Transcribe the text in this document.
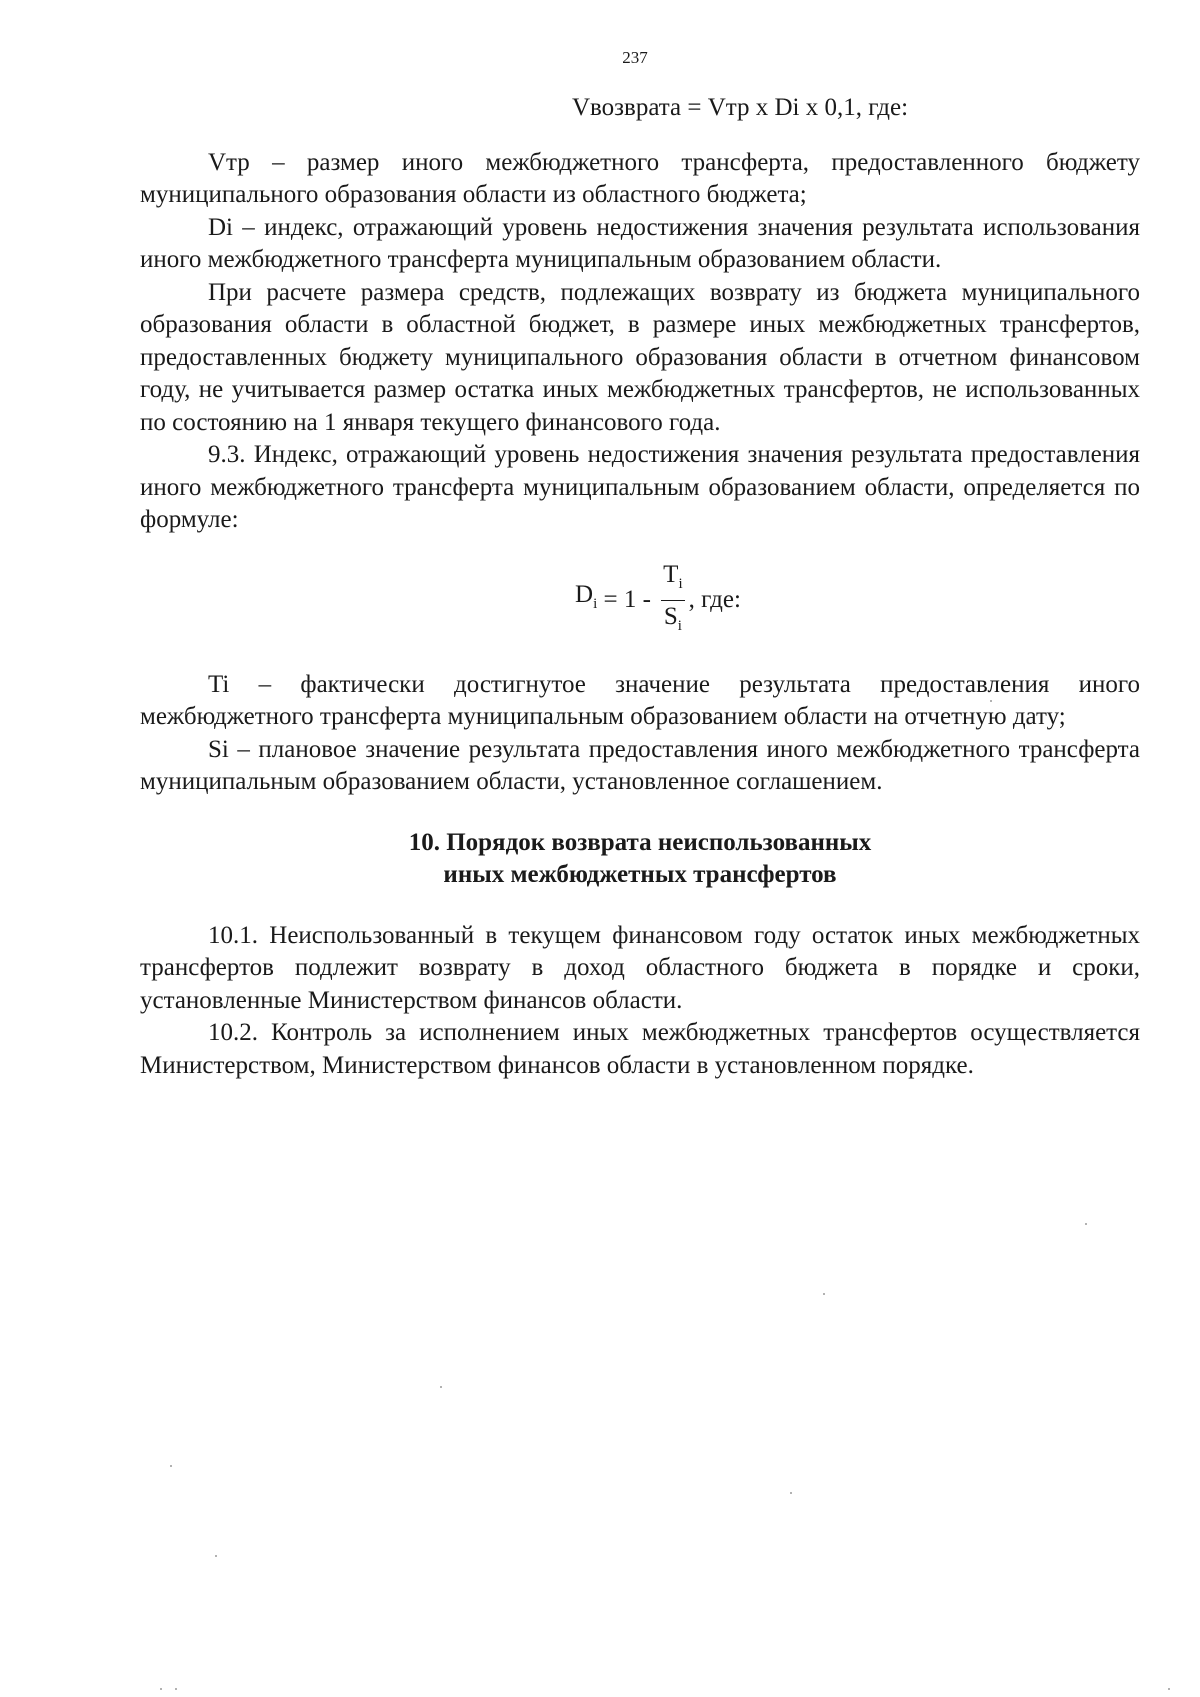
237

Vвозврата = Vтр x Di x 0,1, где:

Vтр – размер иного межбюджетного трансферта, предоставленного бюджету муниципального образования области из областного бюджета;

Di – индекс, отражающий уровень недостижения значения результата использования иного межбюджетного трансферта муниципальным образованием области.

При расчете размера средств, подлежащих возврату из бюджета муниципального образования области в областной бюджет, в размере иных межбюджетных трансфертов, предоставленных бюджету муниципального образования области в отчетном финансовом году, не учитывается размер остатка иных межбюджетных трансфертов, не использованных по состоянию на 1 января текущего финансового года.

9.3. Индекс, отражающий уровень недостижения значения результата предоставления иного межбюджетного трансферта муниципальным образованием области, определяется по формуле:

$D_i = 1 - \frac{T_i}{S_i}$ , где:

Ti – фактически достигнутое значение результата предоставления иного межбюджетного трансферта муниципальным образованием области на отчетную дату;

Si – плановое значение результата предоставления иного межбюджетного трансферта муниципальным образованием области, установленное соглашением.

10. Порядок возврата неиспользованных
иных межбюджетных трансфертов

10.1. Неиспользованный в текущем финансовом году остаток иных межбюджетных трансфертов подлежит возврату в доход областного бюджета в порядке и сроки, установленные Министерством финансов области.

10.2. Контроль за исполнением иных межбюджетных трансфертов осуществляется Министерством, Министерством финансов области в установленном порядке.
